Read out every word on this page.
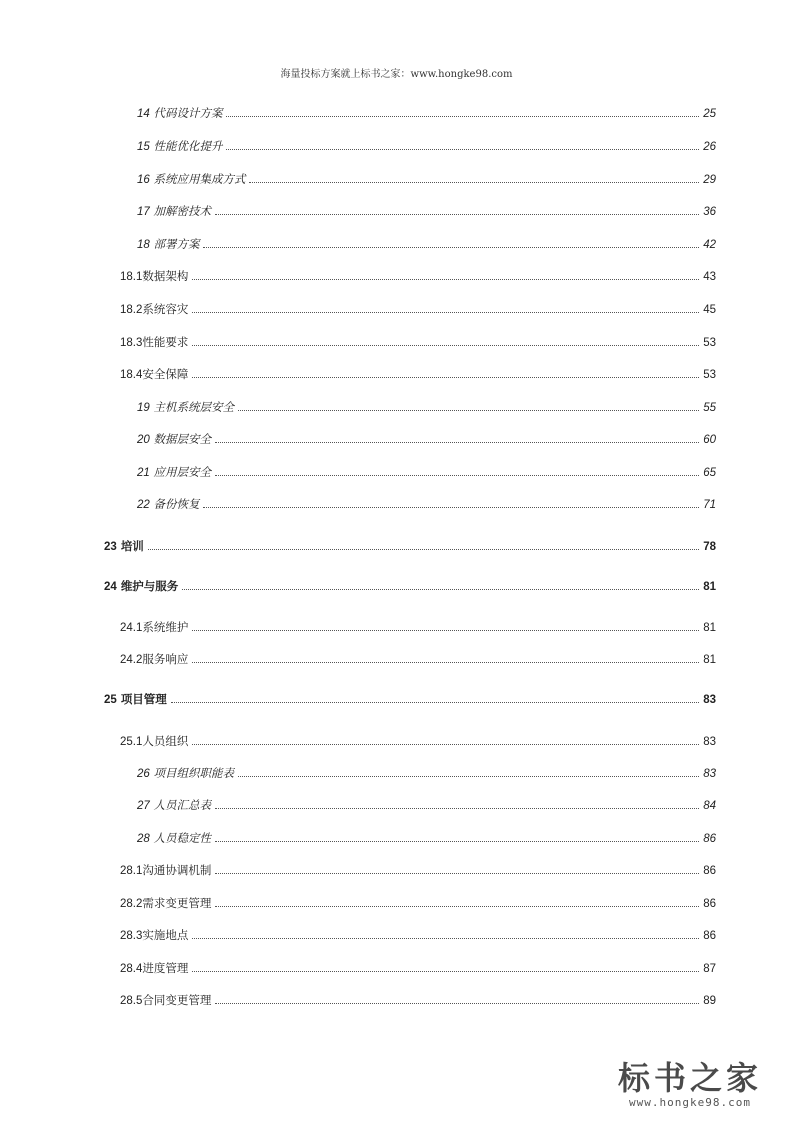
海量投标方案就上标书之家：www.hongke98.com
14 代码设计方案	25
15 性能优化提升	26
16 系统应用集成方式	29
17 加解密技术	36
18 部署方案	42
18.1数据架构	43
18.2系统容灾	45
18.3性能要求	53
18.4安全保障	53
19 主机系统层安全	55
20 数据层安全	60
21 应用层安全	65
22 备份恢复	71
23 培训	78
24 维护与服务	81
24.1系统维护	81
24.2服务响应	81
25 项目管理	83
25.1人员组织	83
26 项目组织职能表	83
27 人员汇总表	84
28 人员稳定性	86
28.1沟通协调机制	86
28.2需求变更管理	86
28.3实施地点	86
28.4进度管理	87
28.5合同变更管理	89
标书之家
www.hongke98.com
